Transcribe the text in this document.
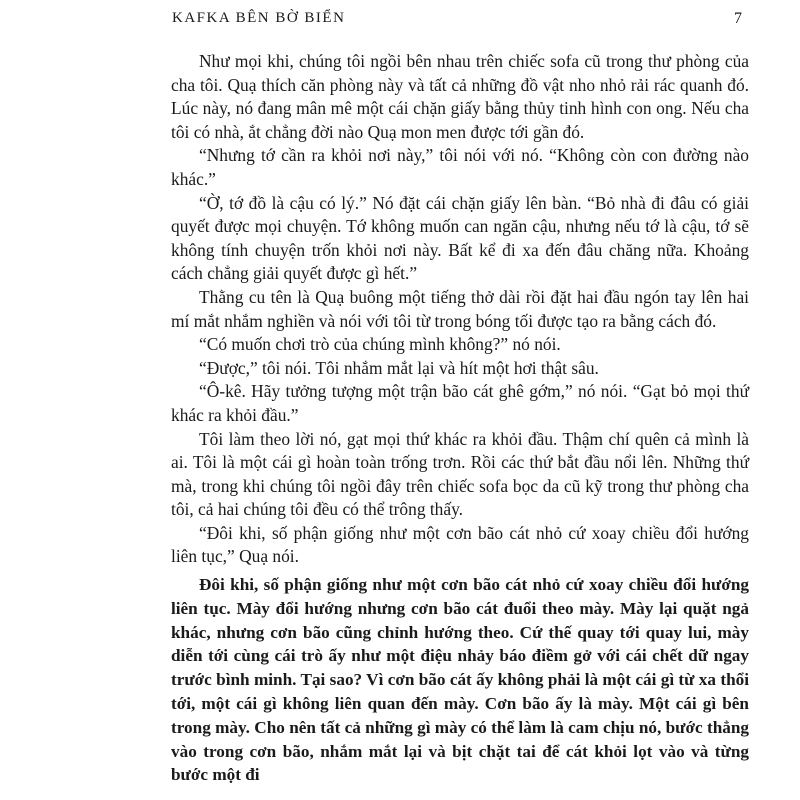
KAFKA BÊN BỜ BIỂN	7

Như mọi khi, chúng tôi ngồi bên nhau trên chiếc sofa cũ trong thư phòng của cha tôi. Quạ thích căn phòng này và tất cả những đồ vật nho nhỏ rải rác quanh đó. Lúc này, nó đang mân mê một cái chặn giấy bằng thủy tinh hình con ong. Nếu cha tôi có nhà, ắt chẳng đời nào Quạ mon men được tới gần đó.

“Nhưng tớ cần ra khỏi nơi này,” tôi nói với nó. “Không còn con đường nào khác.”

“Ờ, tớ đồ là cậu có lý.” Nó đặt cái chặn giấy lên bàn. “Bỏ nhà đi đâu có giải quyết được mọi chuyện. Tớ không muốn can ngăn cậu, nhưng nếu tớ là cậu, tớ sẽ không tính chuyện trốn khỏi nơi này. Bất kể đi xa đến đâu chăng nữa. Khoảng cách chẳng giải quyết được gì hết.”

Thằng cu tên là Quạ buông một tiếng thở dài rồi đặt hai đầu ngón tay lên hai mí mắt nhắm nghiền và nói với tôi từ trong bóng tối được tạo ra bằng cách đó.

“Có muốn chơi trò của chúng mình không?” nó nói.

“Được,” tôi nói. Tôi nhắm mắt lại và hít một hơi thật sâu.

“Ô-kê. Hãy tưởng tượng một trận bão cát ghê gớm,” nó nói. “Gạt bỏ mọi thứ khác ra khỏi đầu.”

Tôi làm theo lời nó, gạt mọi thứ khác ra khỏi đầu. Thậm chí quên cả mình là ai. Tôi là một cái gì hoàn toàn trống trơn. Rồi các thứ bắt đầu nổi lên. Những thứ mà, trong khi chúng tôi ngồi đây trên chiếc sofa bọc da cũ kỹ trong thư phòng cha tôi, cả hai chúng tôi đều có thể trông thấy.

“Đôi khi, số phận giống như một cơn bão cát nhỏ cứ xoay chiều đổi hướng liên tục,” Quạ nói.

Đôi khi, số phận giống như một cơn bão cát nhỏ cứ xoay chiều đổi hướng liên tục. Mày đổi hướng nhưng cơn bão cát đuổi theo mày. Mày lại quặt ngả khác, nhưng cơn bão cũng chỉnh hướng theo. Cứ thế quay tới quay lui, mày diễn tới cùng cái trò ấy như một điệu nhảy báo điềm gở với cái chết dữ ngay trước bình minh. Tại sao? Vì cơn bão cát ấy không phải là một cái gì từ xa thổi tới, một cái gì không liên quan đến mày. Cơn bão ấy là mày. Một cái gì bên trong mày. Cho nên tất cả những gì mày có thể làm là cam chịu nó, bước thẳng vào trong cơn bão, nhắm mắt lại và bịt chặt tai để cát khỏi lọt vào và từng bước một đi
